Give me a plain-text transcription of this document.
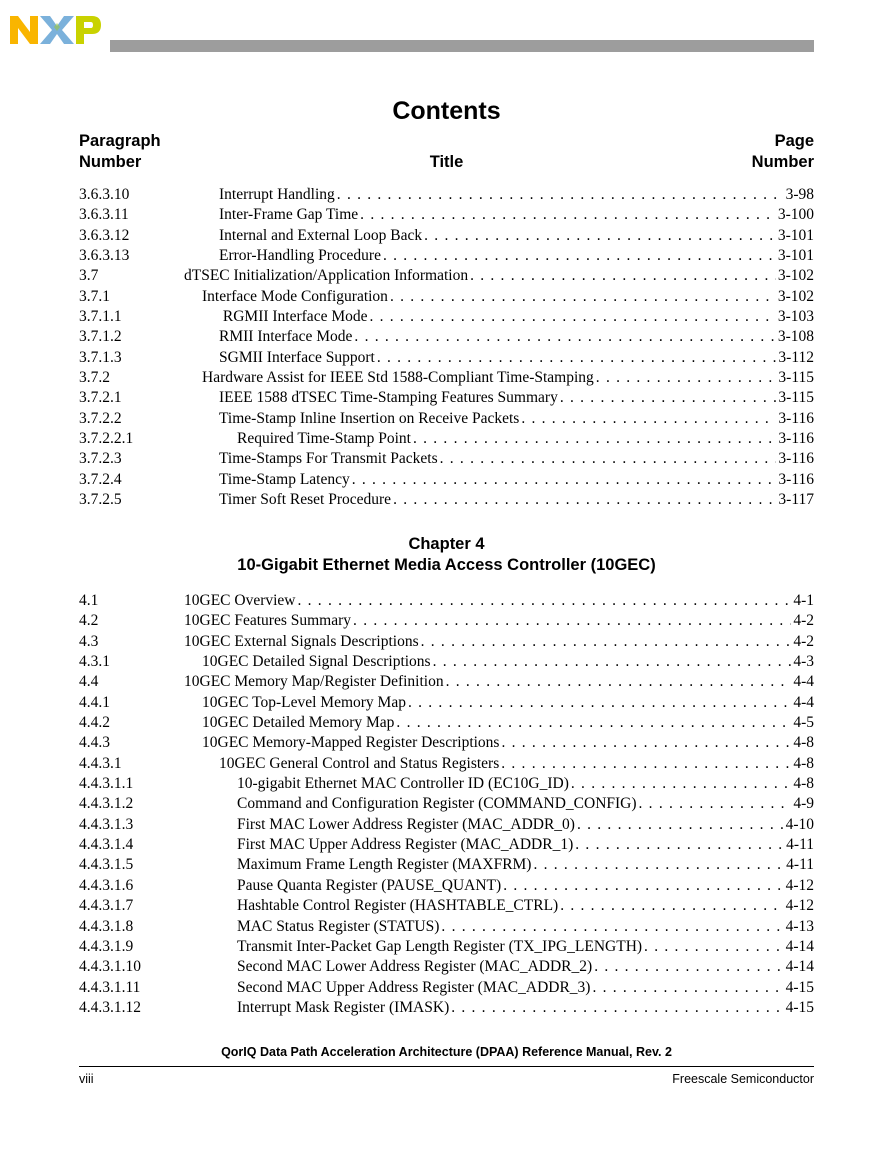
Contents
Paragraph
Number	Title
Page
Number
3.6.3.10	Interrupt Handling . . .	3-98
3.6.3.11	Inter-Frame Gap Time . . .	3-100
3.6.3.12	Internal and External Loop Back . . .	3-101
3.6.3.13	Error-Handling Procedure . . .	3-101
3.7	dTSEC Initialization/Application Information . . .	3-102
3.7.1	Interface Mode Configuration . . .	3-102
3.7.1.1	RGMII Interface Mode . . .	3-103
3.7.1.2	RMII Interface Mode . . .	3-108
3.7.1.3	SGMII Interface Support . . .	3-112
3.7.2	Hardware Assist for IEEE Std 1588-Compliant Time-Stamping . . .	3-115
3.7.2.1	IEEE 1588 dTSEC Time-Stamping Features Summary . . .	3-115
3.7.2.2	Time-Stamp Inline Insertion on Receive Packets . . .	3-116
3.7.2.2.1	Required Time-Stamp Point . . .	3-116
3.7.2.3	Time-Stamps For Transmit Packets . . .	3-116
3.7.2.4	Time-Stamp Latency . . .	3-116
3.7.2.5	Timer Soft Reset Procedure . . .	3-117
Chapter 4
10-Gigabit Ethernet Media Access Controller (10GEC)
4.1	10GEC Overview . . .	4-1
4.2	10GEC Features Summary . . .	4-2
4.3	10GEC External Signals Descriptions . . .	4-2
4.3.1	10GEC Detailed Signal Descriptions . . .	4-3
4.4	10GEC Memory Map/Register Definition . . .	4-4
4.4.1	10GEC Top-Level Memory Map . . .	4-4
4.4.2	10GEC Detailed Memory Map . . .	4-5
4.4.3	10GEC Memory-Mapped Register Descriptions . . .	4-8
4.4.3.1	10GEC General Control and Status Registers . . .	4-8
4.4.3.1.1	10-gigabit Ethernet MAC Controller ID (EC10G_ID) . . .	4-8
4.4.3.1.2	Command and Configuration Register (COMMAND_CONFIG) . . .	4-9
4.4.3.1.3	First MAC Lower Address Register (MAC_ADDR_0) . . .	4-10
4.4.3.1.4	First MAC Upper Address Register (MAC_ADDR_1) . . .	4-11
4.4.3.1.5	Maximum Frame Length Register (MAXFRM) . . .	4-11
4.4.3.1.6	Pause Quanta Register (PAUSE_QUANT) . . .	4-12
4.4.3.1.7	Hashtable Control Register (HASHTABLE_CTRL) . . .	4-12
4.4.3.1.8	MAC Status Register (STATUS) . . .	4-13
4.4.3.1.9	Transmit Inter-Packet Gap Length Register (TX_IPG_LENGTH) . . .	4-14
4.4.3.1.10	Second MAC Lower Address Register (MAC_ADDR_2) . . .	4-14
4.4.3.1.11	Second MAC Upper Address Register (MAC_ADDR_3) . . .	4-15
4.4.3.1.12	Interrupt Mask Register (IMASK) . . .	4-15
QorIQ Data Path Acceleration Architecture (DPAA) Reference Manual, Rev. 2
viii	Freescale Semiconductor
